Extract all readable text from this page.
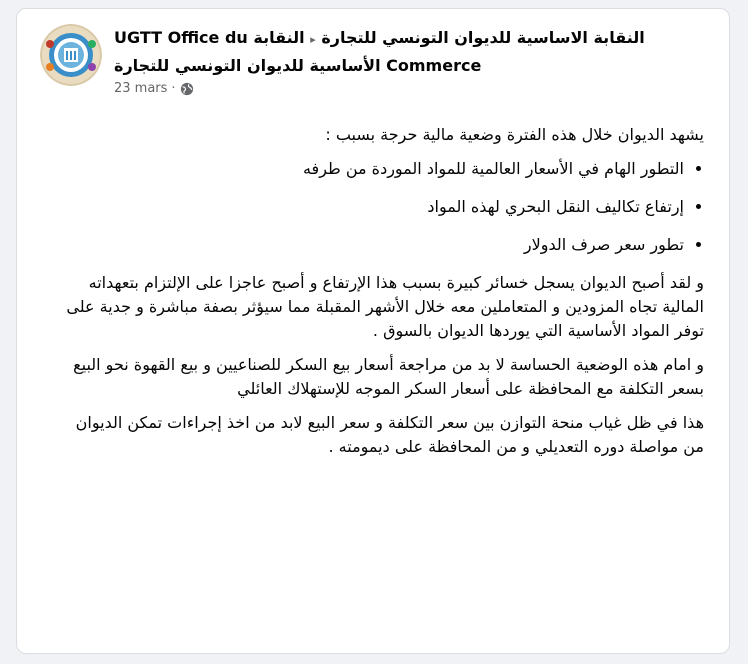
UGTT Office du النقابة الاساسية للديوان التونسي للتجارة ▸ النقابة الأساسية للديوان التونسي للتجارة Commerce
23 mars ·

يشهد الديوان خلال هذه الفترة وضعية مالية حرجة بسبب :

• التطور الهام في الأسعار العالمية للمواد الموردة من طرفه
• إرتفاع تكاليف النقل البحري لهذه المواد
• تطور سعر صرف الدولار

و لقد أصبح الديوان يسجل خسائر كبيرة بسبب هذا الإرتفاع و أصبح عاجزا على الإلتزام بتعهداته المالية تجاه المزودين و المتعاملين معه خلال الأشهر المقبلة مما سيؤثر بصفة مباشرة و جدية على توفر المواد الأساسية التي يوردها الديوان بالسوق .

و امام هذه الوضعية الحساسة لا بد من مراجعة أسعار بيع السكر للصناعيين و بيع القهوة نحو البيع بسعر التكلفة مع المحافظة على أسعار السكر الموجه للإستهلاك العائلي

هذا في ظل غياب منحة التوازن بين سعر التكلفة و سعر البيع لابد من اخذ إجراءات تمكن الديوان من مواصلة دوره التعديلي و من المحافظة على ديمومته .
